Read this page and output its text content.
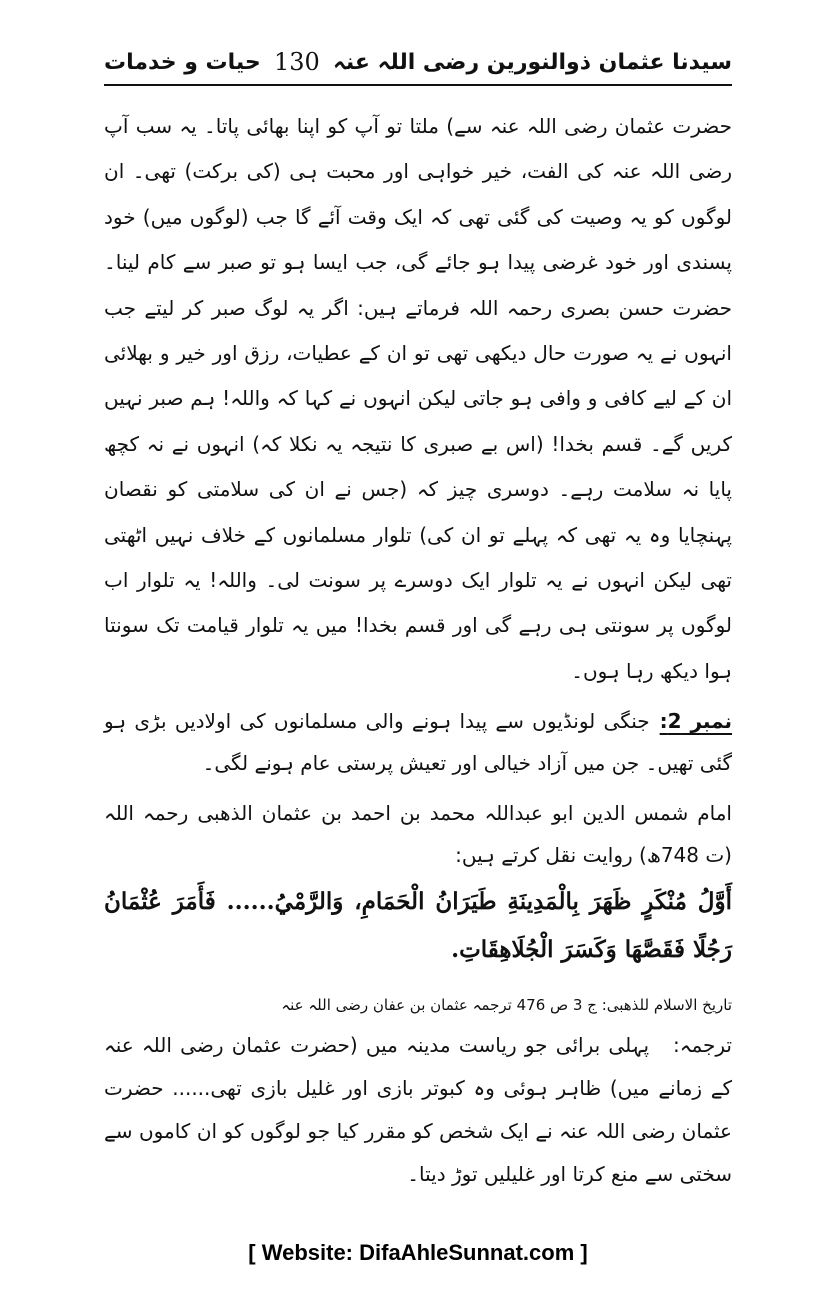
سیدنا عثمان ذوالنورین رضی اللہ عنہ
130
حیات و خدمات

حضرت عثمان رضی اللہ عنہ سے) ملتا تو آپ کو اپنا بھائی پاتا۔ یہ سب آپ رضی اللہ عنہ کی الفت، خیر خواہی اور محبت ہی (کی برکت) تھی۔ ان لوگوں کو یہ وصیت کی گئی تھی کہ ایک وقت آئے گا جب (لوگوں میں) خود پسندی اور خود غرضی پیدا ہو جائے گی، جب ایسا ہو تو صبر سے کام لینا۔ حضرت حسن بصری رحمہ اللہ فرماتے ہیں: اگر یہ لوگ صبر کر لیتے جب انہوں نے یہ صورت حال دیکھی تھی تو ان کے عطیات، رزق اور خیر و بھلائی ان کے لیے کافی و وافی ہو جاتی لیکن انہوں نے کہا کہ واللہ! ہم صبر نہیں کریں گے۔ قسم بخدا! (اس بے صبری کا نتیجہ یہ نکلا کہ) انہوں نے نہ کچھ پایا نہ سلامت رہے۔ دوسری چیز کہ (جس نے ان کی سلامتی کو نقصان پہنچایا وہ یہ تھی کہ پہلے تو ان کی) تلوار مسلمانوں کے خلاف نہیں اٹھتی تھی لیکن انہوں نے یہ تلوار ایک دوسرے پر سونت لی۔ واللہ! یہ تلوار اب لوگوں پر سونتی ہی رہے گی اور قسم بخدا! میں یہ تلوار قیامت تک سونتا ہوا دیکھ رہا ہوں۔

نمبر 2:جنگی لونڈیوں سے پیدا ہونے والی مسلمانوں کی اولادیں بڑی ہو گئی تھیں۔ جن میں آزاد خیالی اور تعیش پرستی عام ہونے لگی۔

امام شمس الدین ابو عبداللہ محمد بن احمد بن عثمان الذھبی رحمہ اللہ (ت 748ھ) روایت نقل کرتے ہیں:

أَوَّلُ مُنْكَرٍ ظَهَرَ بِالْمَدِينَةِ طَيَرَانُ الْحَمَامِ، وَالرَّمْيُ...... فَأَمَرَ عُثْمَانُ رَجُلًا فَقَصَّهَا وَكَسَرَ الْجُلَاهِقَاتِ.

تاریخ الاسلام للذھبی: ج 3 ص 476 ترجمہ عثمان بن عفان رضی اللہ عنہ

ترجمہ:پہلی برائی جو ریاست مدینہ میں (حضرت عثمان رضی اللہ عنہ کے زمانے میں) ظاہر ہوئی وہ کبوتر بازی اور غلیل بازی تھی...... حضرت عثمان رضی اللہ عنہ نے ایک شخص کو مقرر کیا جو لوگوں کو ان کاموں سے سختی سے منع کرتا اور غلیلیں توڑ دیتا۔

[ Website: DifaAhleSunnat.com ]
